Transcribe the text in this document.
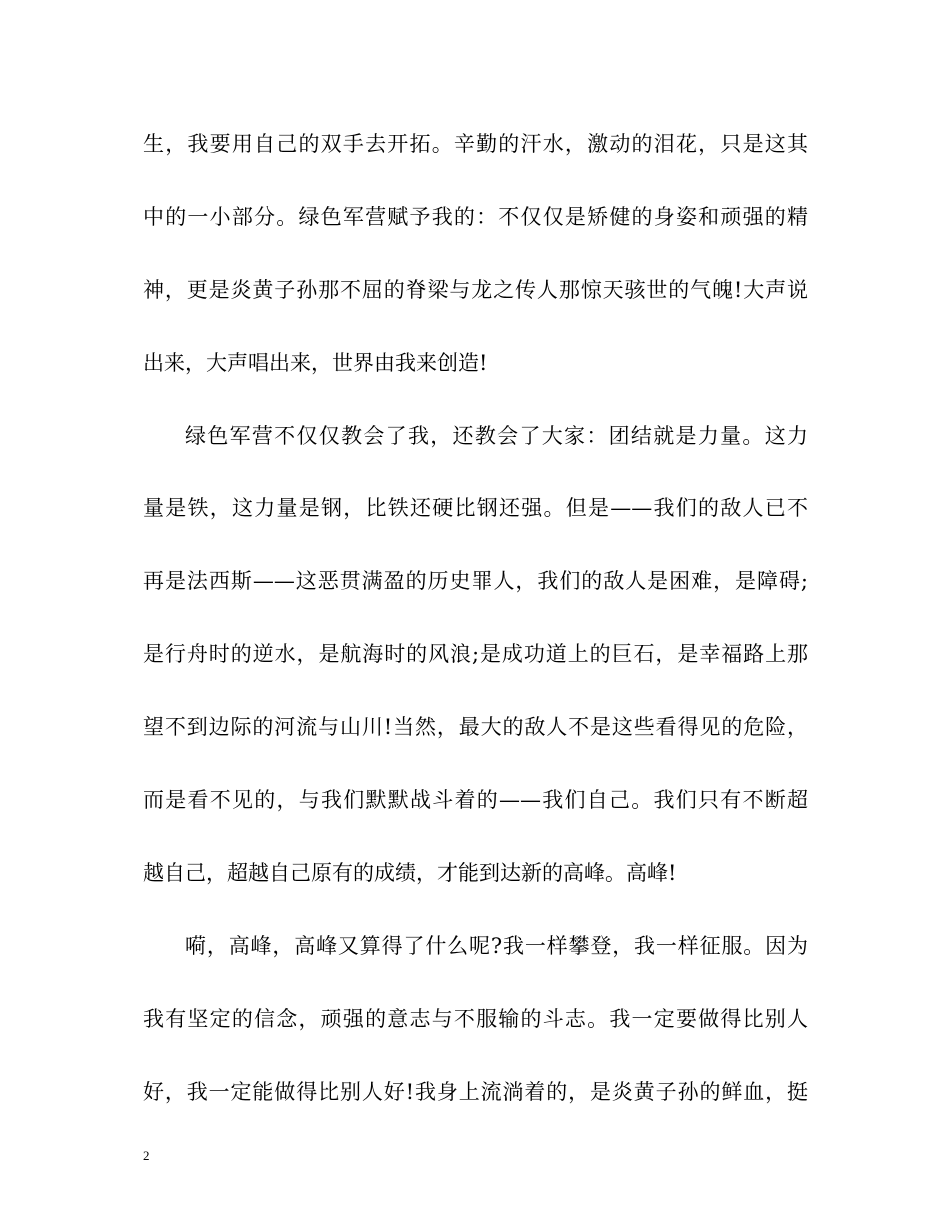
生，我要用自己的双手去开拓。辛勤的汗水，激动的泪花，只是这其
中的一小部分。绿色军营赋予我的：不仅仅是矫健的身姿和顽强的精
神，更是炎黄子孙那不屈的脊梁与龙之传人那惊天骇世的气魄!大声说
出来，大声唱出来，世界由我来创造!
绿色军营不仅仅教会了我，还教会了大家：团结就是力量。这力
量是铁，这力量是钢，比铁还硬比钢还强。但是——我们的敌人已不
再是法西斯——这恶贯满盈的历史罪人，我们的敌人是困难，是障碍;
是行舟时的逆水，是航海时的风浪;是成功道上的巨石，是幸福路上那
望不到边际的河流与山川!当然，最大的敌人不是这些看得见的危险，
而是看不见的，与我们默默战斗着的——我们自己。我们只有不断超
越自己，超越自己原有的成绩，才能到达新的高峰。高峰!
嗬，高峰，高峰又算得了什么呢?我一样攀登，我一样征服。因为
我有坚定的信念，顽强的意志与不服输的斗志。我一定要做得比别人
好，我一定能做得比别人好!我身上流淌着的，是炎黄子孙的鲜血，挺
2
